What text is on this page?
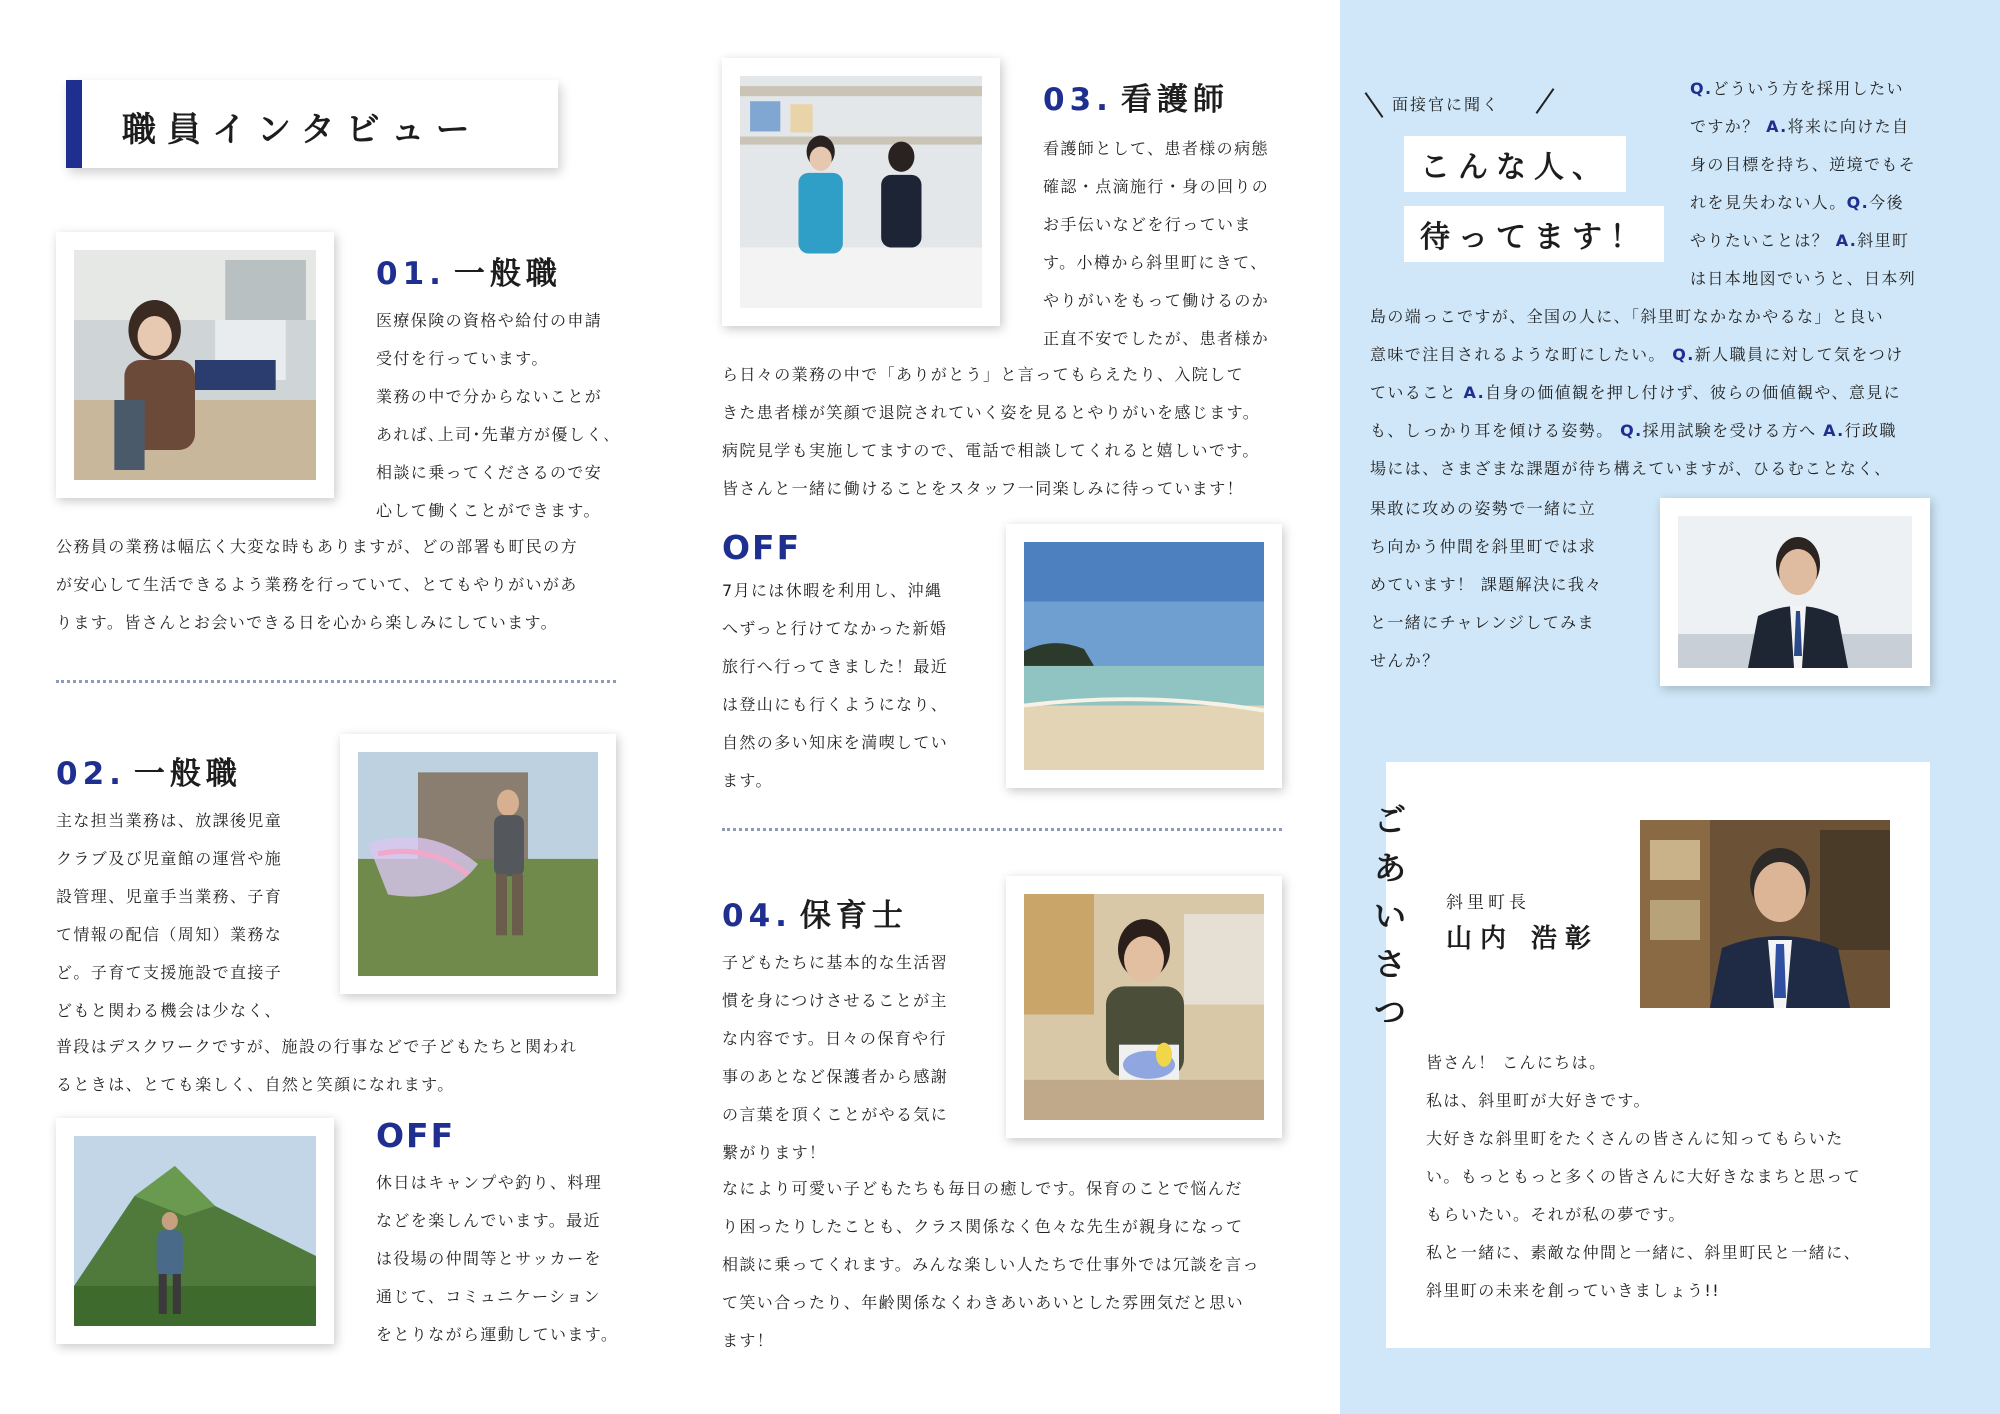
職員インタビュー
01. 一般職
医療保険の資格や給付の申請
受付を行っています。
業務の中で分からないことが
あれば､上司･先輩方が優しく､
相談に乗ってくださるので安
心して働くことができます。
公務員の業務は幅広く大変な時もありますが、どの部署も町民の方
が安心して生活できるよう業務を行っていて、とてもやりがいがあ
ります。皆さんとお会いできる日を心から楽しみにしています。
02. 一般職
主な担当業務は、放課後児童
クラブ及び児童館の運営や施
設管理、児童手当業務、子育
て情報の配信（周知）業務な
ど。子育て支援施設で直接子
どもと関わる機会は少なく、
普段はデスクワークですが、施設の行事などで子どもたちと関われ
るときは、とても楽しく、自然と笑顔になれます。
OFF
休日はキャンプや釣り、料理
などを楽しんでいます。最近
は役場の仲間等とサッカーを
通じて、コミュニケーション
をとりながら運動しています。
03. 看護師
看護師として、患者様の病態
確認・点滴施行・身の回りの
お手伝いなどを行っていま
す。小樽から斜里町にきて、
やりがいをもって働けるのか
正直不安でしたが、患者様か
ら日々の業務の中で「ありがとう」と言ってもらえたり、入院して
きた患者様が笑顔で退院されていく姿を見るとやりがいを感じます。
病院見学も実施してますので、電話で相談してくれると嬉しいです。
皆さんと一緒に働けることをスタッフ一同楽しみに待っています！
OFF
7月には休暇を利用し、沖縄
へずっと行けてなかった新婚
旅行へ行ってきました！最近
は登山にも行くようになり、
自然の多い知床を満喫してい
ます。
04. 保育士
子どもたちに基本的な生活習
慣を身につけさせることが主
な内容です。日々の保育や行
事のあとなど保護者から感謝
の言葉を頂くことがやる気に
繋がります！
なにより可愛い子どもたちも毎日の癒しです。保育のことで悩んだ
り困ったりしたことも、クラス関係なく色々な先生が親身になって
相談に乗ってくれます。みんな楽しい人たちで仕事外では冗談を言っ
て笑い合ったり、年齢関係なくわきあいあいとした雰囲気だと思い
ます！
面接官に聞く
こんな人、
待ってます！
Q.どういう方を採用したい
ですか？ A.将来に向けた自
身の目標を持ち、逆境でもそ
れを見失わない人。Q.今後
やりたいことは？ A.斜里町
は日本地図でいうと、日本列
島の端っこですが、全国の人に、「斜里町なかなかやるな」と良い
意味で注目されるような町にしたい。 Q.新人職員に対して気をつけ
ていること A.自身の価値観を押し付けず、彼らの価値観や、意見に
も、しっかり耳を傾ける姿勢。 Q.採用試験を受ける方へ A.行政職
場には、さまざまな課題が待ち構えていますが、ひるむことなく、
果敢に攻めの姿勢で一緒に立
ち向かう仲間を斜里町では求
めています！ 課題解決に我々
と一緒にチャレンジしてみま
せんか？
ごあいさつ
斜里町長
山内 浩彰
皆さん！ こんにちは。
私は、斜里町が大好きです。
大好きな斜里町をたくさんの皆さんに知ってもらいた
い。もっともっと多くの皆さんに大好きなまちと思って
もらいたい。それが私の夢です。
私と一緒に、素敵な仲間と一緒に、斜里町民と一緒に、
斜里町の未来を創っていきましょう!!
